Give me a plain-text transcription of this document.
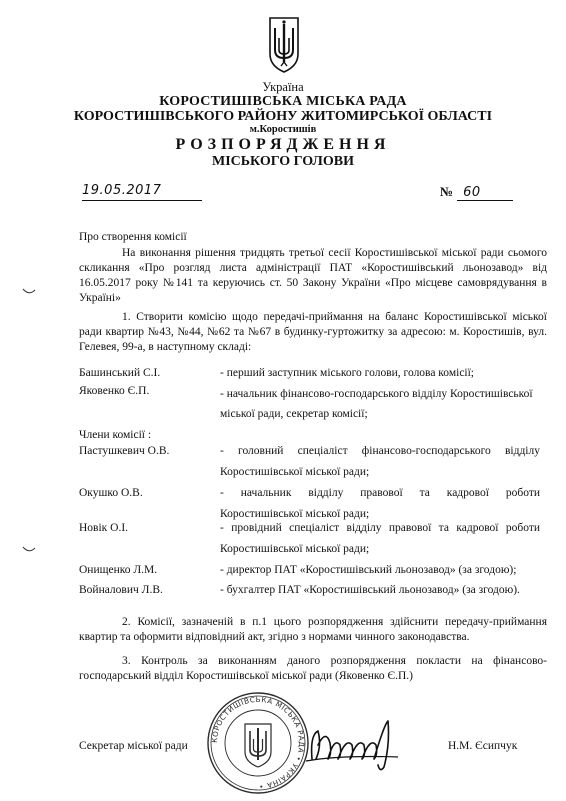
Україна
КОРОСТИШІВСЬКА МІСЬКА РАДА
КОРОСТИШІВСЬКОГО РАЙОНУ ЖИТОМИРСЬКОЇ ОБЛАСТІ
м.Коростишів
РОЗПОРЯДЖЕННЯ
МІСЬКОГО ГОЛОВИ
19.05.2017	№ 60
Про створення комісії
На виконання рішення тридцять третьої сесії Коростишівської міської ради сьомого скликання «Про розгляд листа адміністрації ПАТ «Коростишівський льонозавод» від 16.05.2017 року №141 та керуючись ст. 50 Закону України «Про місцеве самоврядування в Україні»
1. Створити комісію щодо передачі-приймання на баланс Коростишівської міської ради квартир №43, №44, №62 та №67 в будинку-гуртожитку за адресою: м. Коростишів, вул. Гелевея, 99-а, в наступному складі:
Башинський С.І.	- перший заступник міського голови, голова комісії;
Яковенко Є.П.	- начальник фінансово-господарського відділу Коростишівської міської ради, секретар комісії;
Члени комісії :
Пастушкевич О.В.	- головний спеціаліст фінансово-господарського відділу
Коростишівської міської ради;
Окушко О.В.	- начальник відділу правової та кадрової роботи
Коростишівської міської ради;
Новік О.І.	- провідний спеціаліст відділу правової та кадрової роботи
Коростишівської міської ради;
Онищенко Л.М.	- директор ПАТ «Коростишівський льонозавод» (за згодою);
Войналович Л.В.	- бухгалтер ПАТ «Коростишівський льонозавод» (за згодою).
2. Комісії, зазначеній в п.1 цього розпорядження здійснити передачу-приймання квартир та оформити відповідний акт, згідно з нормами чинного законодавства.
3. Контроль за виконанням даного розпорядження покласти на фінансово-господарський відділ Коростишівської міської ради (Яковенко Є.П.)
КОРОСТИШІВСЬКА МІСЬКА РАДА • УКРАЇНА •
Секретар міської ради	Н.М. Єсипчук
